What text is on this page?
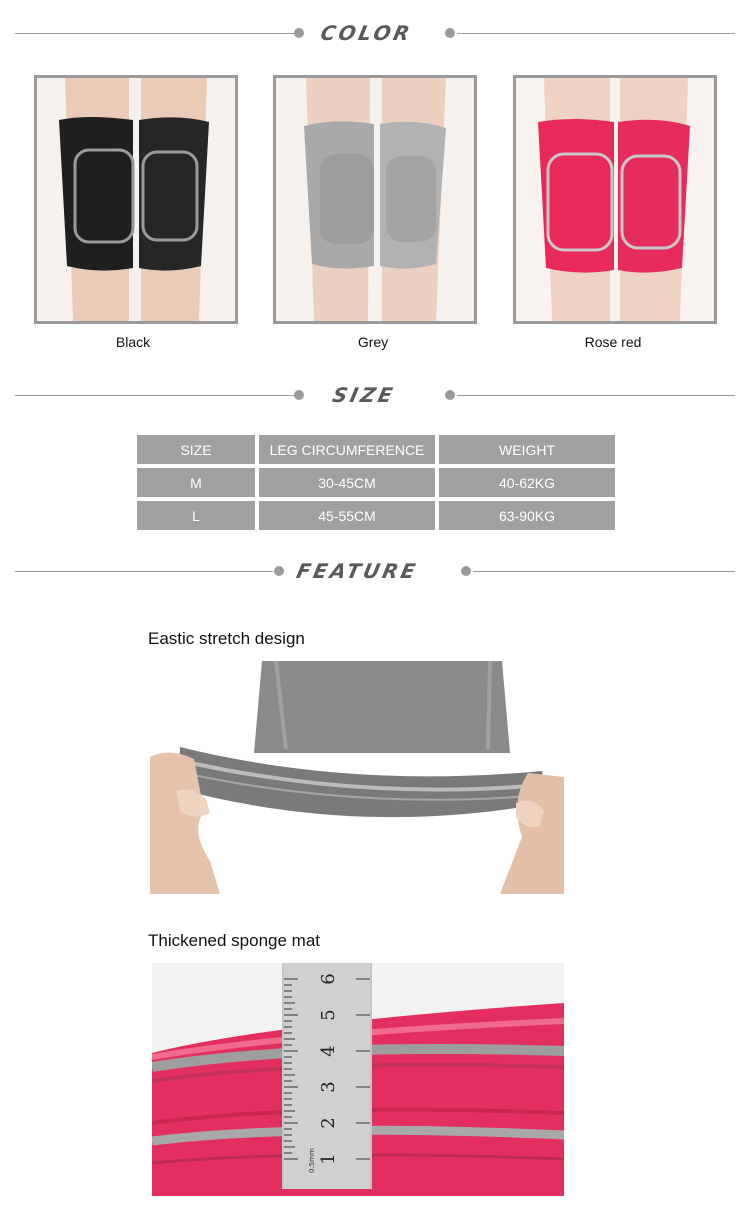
COLOR
Black	Grey	Rose red
SIZE
SIZE	LEG CIRCUMFERENCE	WEIGHT
M	30-45CM	40-62KG
L	45-55CM	63-90KG
FEATURE
Eastic stretch design
Thickened sponge mat
1
2
3
4
5
6
0.5mm
